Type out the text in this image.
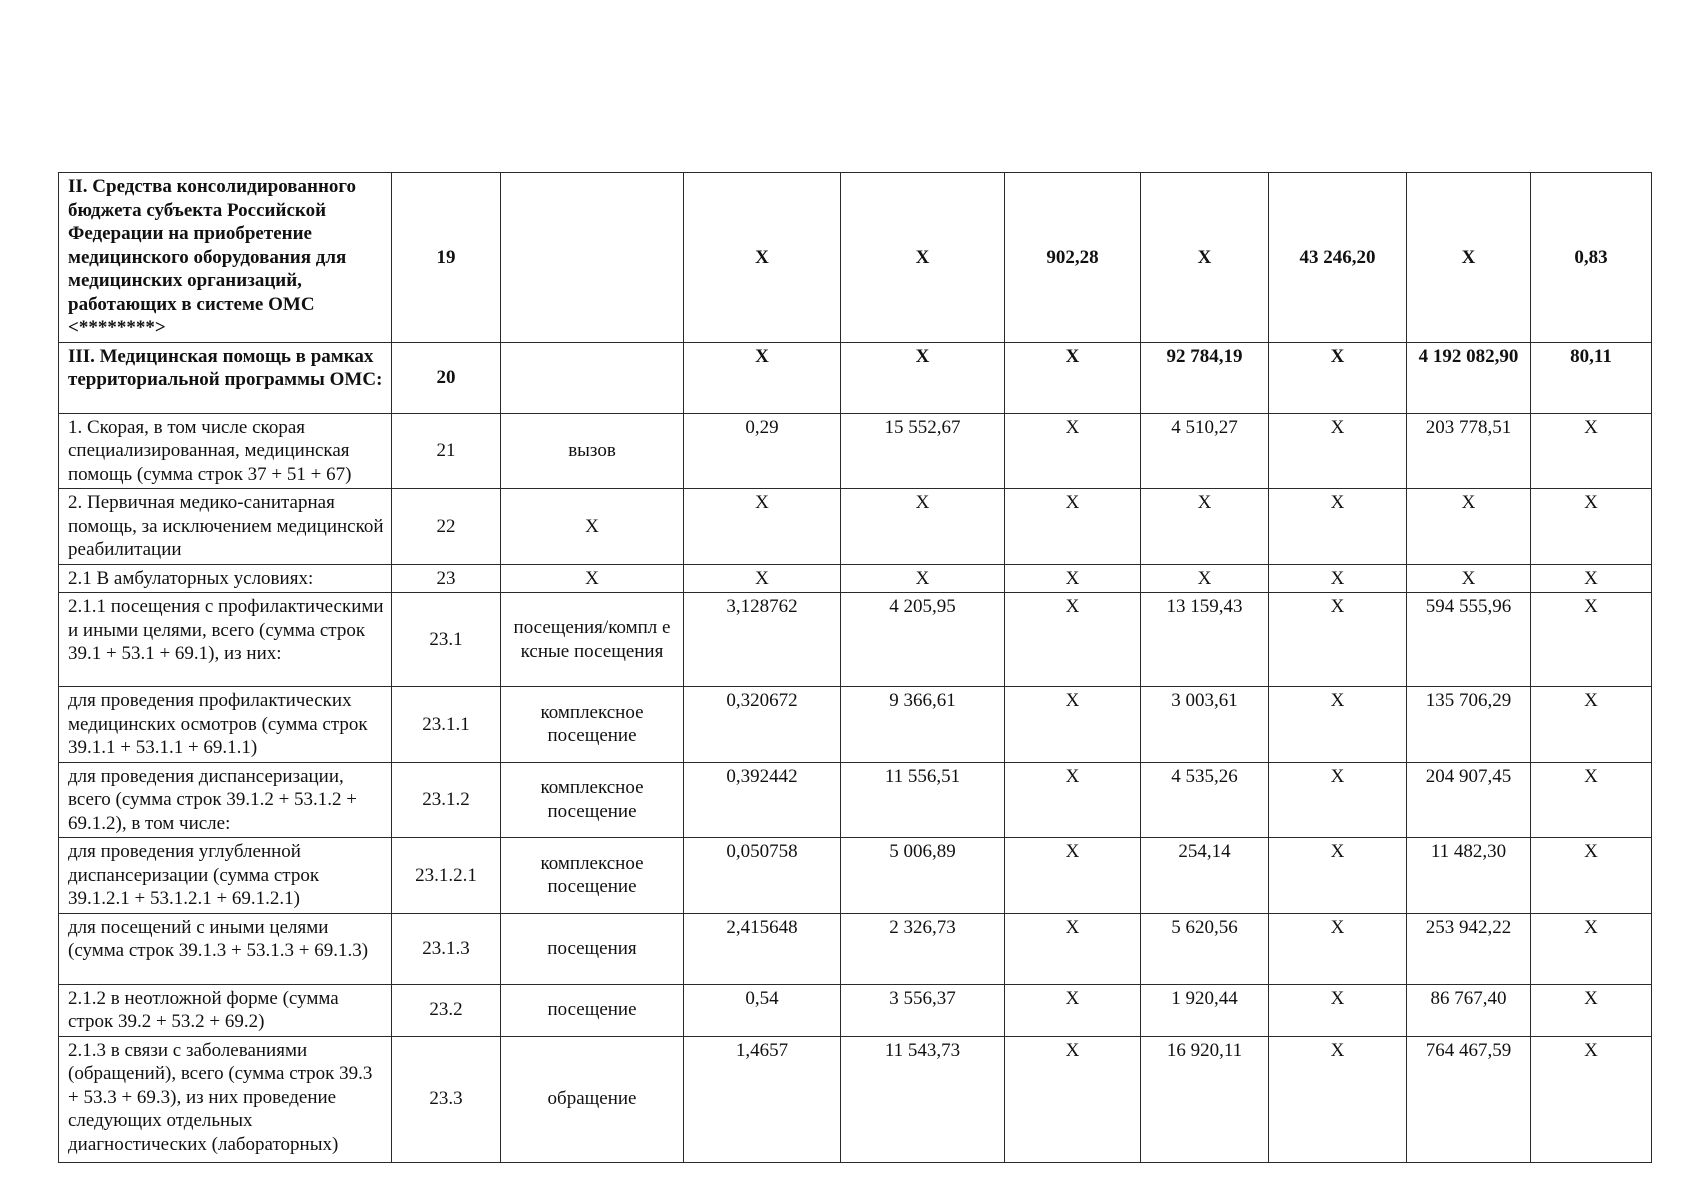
II. Средства консолидированного бюджета субъекта Российской Федерации на приобретение медицинского оборудования для медицинских организаций, работающих в системе ОМС <********>	19		X	X	902,28	X	43 246,20	X	0,83
III. Медицинская помощь в рамках территориальной программы ОМС:	20		X	X	X	92 784,19	X	4 192 082,90	80,11
1. Скорая, в том числе скорая специализированная, медицинская помощь (сумма строк 37 + 51 + 67)	21	вызов	0,29	15 552,67	X	4 510,27	X	203 778,51	X
2. Первичная медико-санитарная помощь, за исключением медицинской реабилитации	22	X	X	X	X	X	X	X	X
2.1 В амбулаторных условиях:	23	X	X	X	X	X	X	X	X
2.1.1 посещения с профилактическими и иными целями, всего (сумма строк 39.1 + 53.1 + 69.1), из них:	23.1	посещения/компл е ксные посещения	3,128762	4 205,95	X	13 159,43	X	594 555,96	X
для проведения профилактических медицинских осмотров (сумма строк 39.1.1 + 53.1.1 + 69.1.1)	23.1.1	комплексное посещение	0,320672	9 366,61	X	3 003,61	X	135 706,29	X
для проведения диспансеризации, всего (сумма строк 39.1.2 + 53.1.2 + 69.1.2), в том числе:	23.1.2	комплексное посещение	0,392442	11 556,51	X	4 535,26	X	204 907,45	X
для проведения углубленной диспансеризации (сумма строк 39.1.2.1 + 53.1.2.1 + 69.1.2.1)	23.1.2.1	комплексное посещение	0,050758	5 006,89	X	254,14	X	11 482,30	X
для посещений с иными целями (сумма строк 39.1.3 + 53.1.3 + 69.1.3)	23.1.3	посещения	2,415648	2 326,73	X	5 620,56	X	253 942,22	X
2.1.2 в неотложной форме (сумма строк 39.2 + 53.2 + 69.2)	23.2	посещение	0,54	3 556,37	X	1 920,44	X	86 767,40	X
2.1.3 в связи с заболеваниями (обращений), всего (сумма строк 39.3 + 53.3 + 69.3), из них проведение следующих отдельных диагностических (лабораторных)	23.3	обращение	1,4657	11 543,73	X	16 920,11	X	764 467,59	X
